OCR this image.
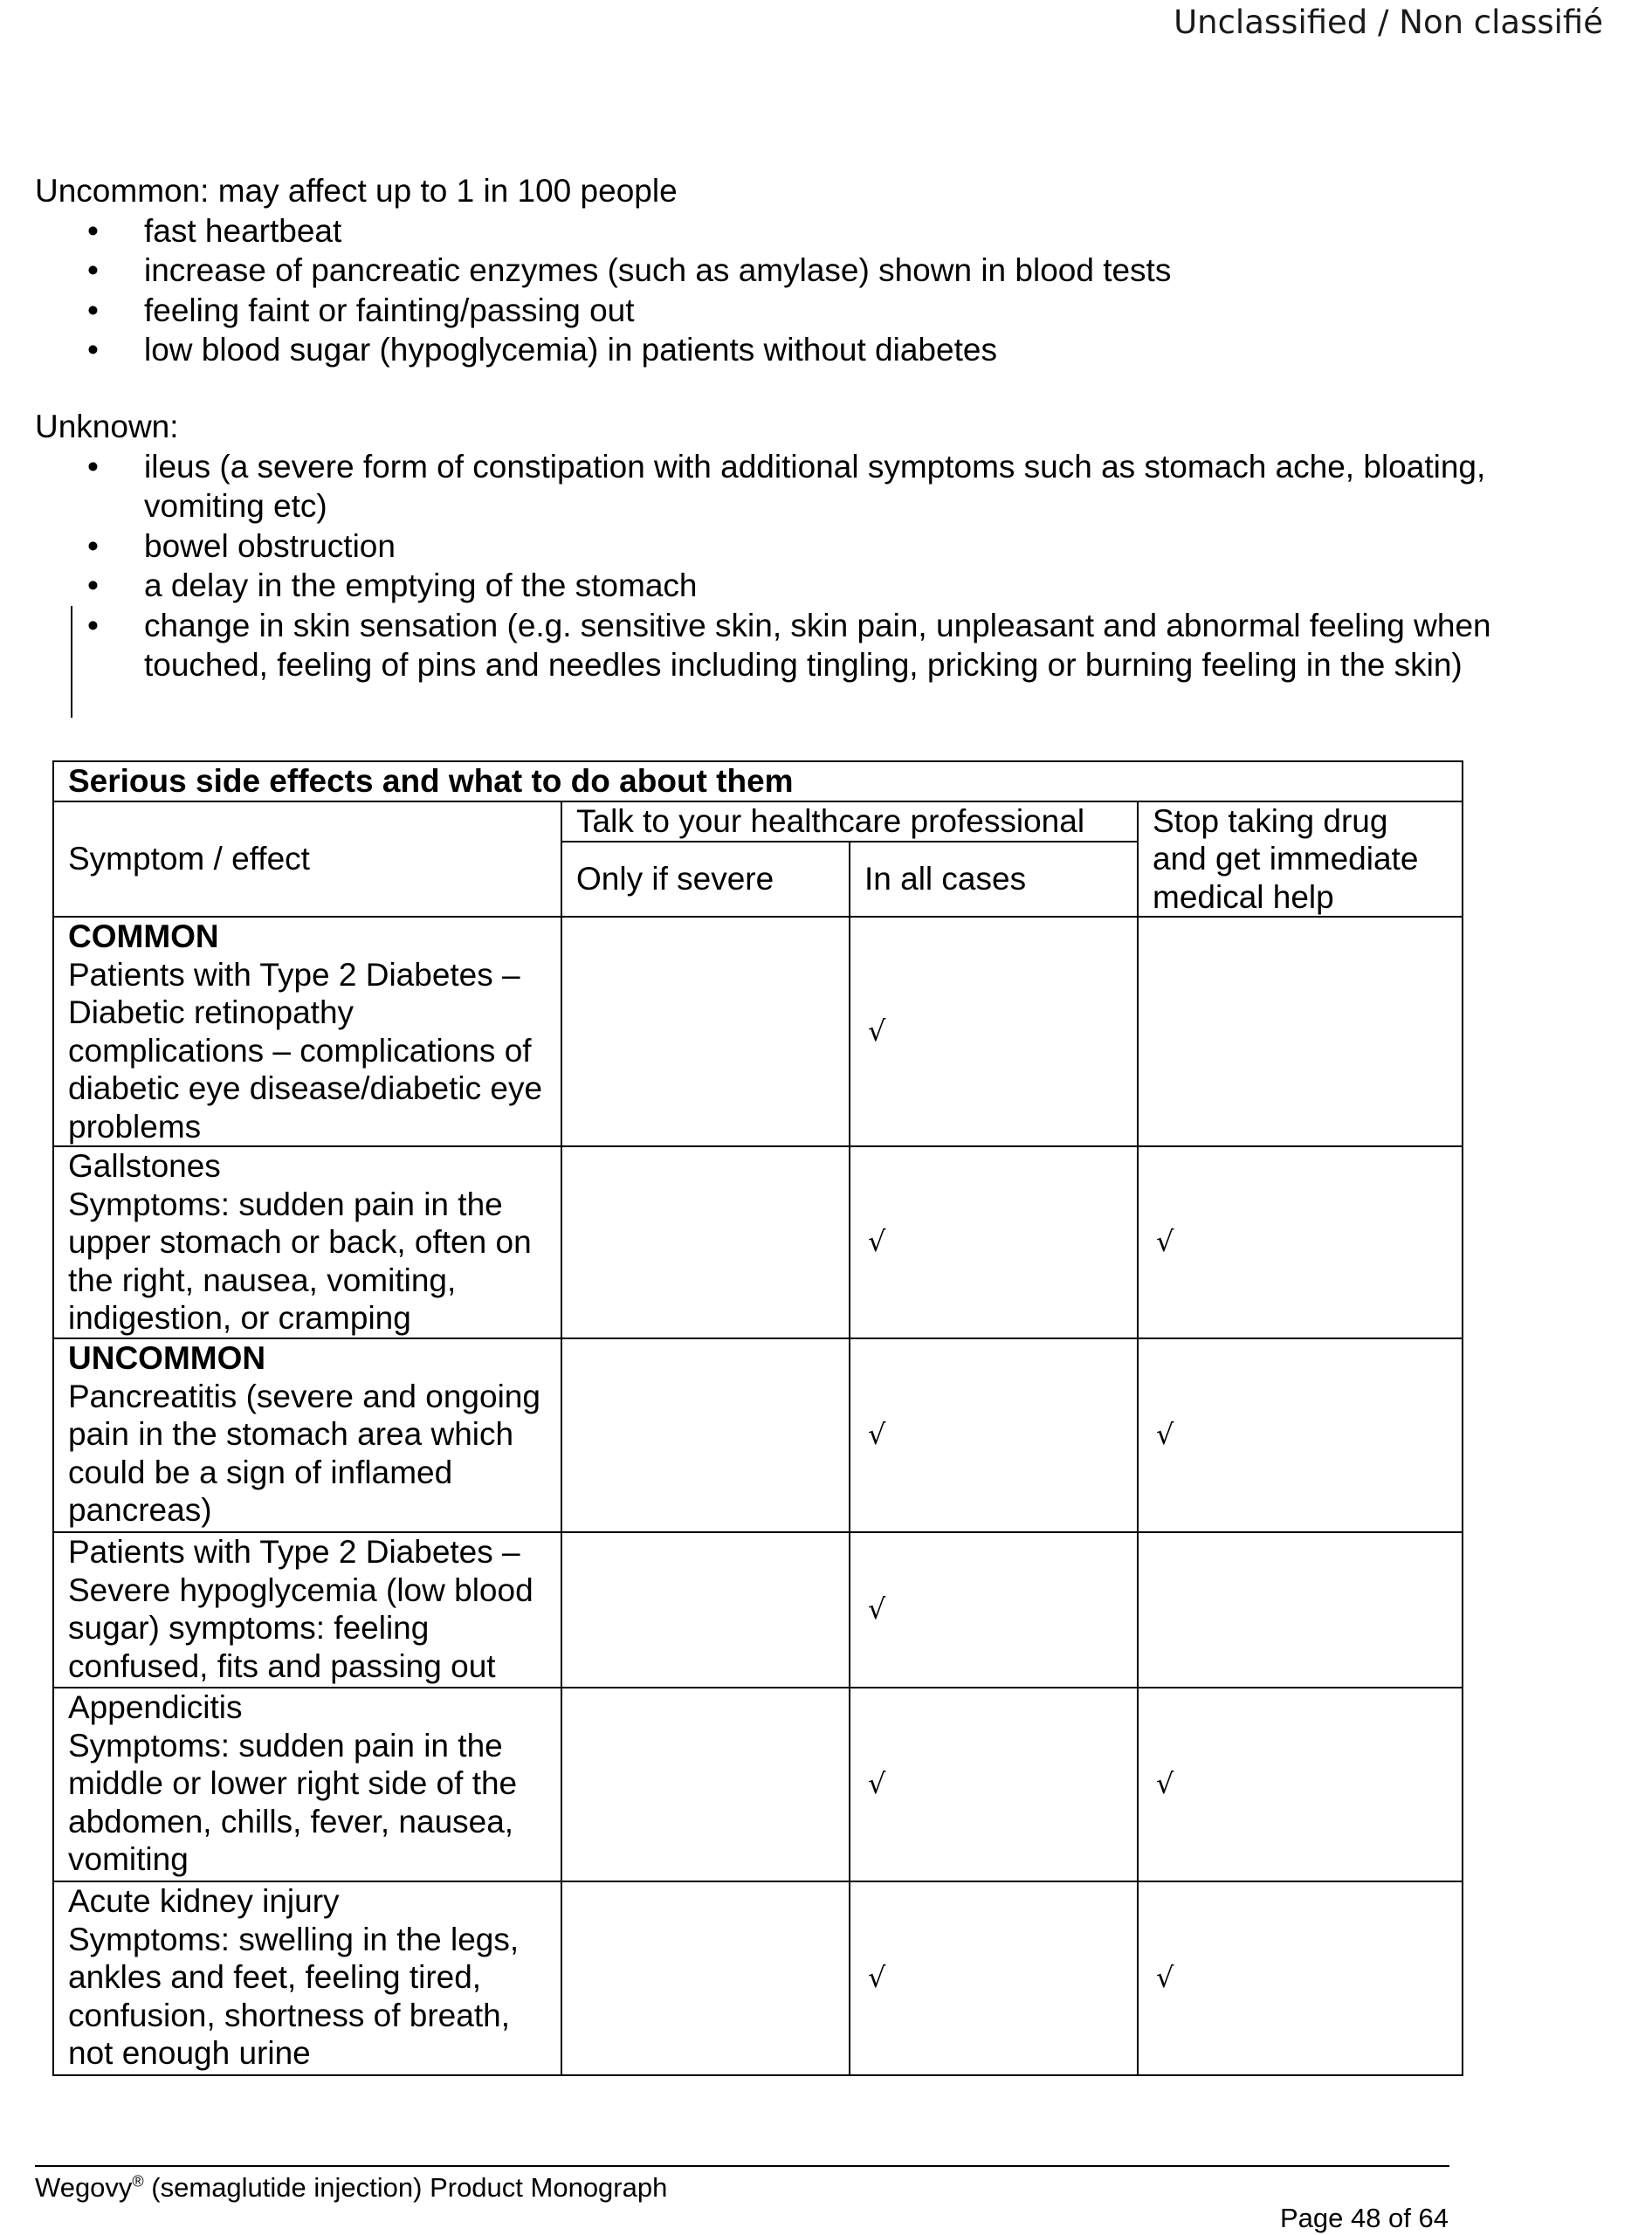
Unclassified / Non classifié

Uncommon: may affect up to 1 in 100 people

• fast heartbeat
• increase of pancreatic enzymes (such as amylase) shown in blood tests
• feeling faint or fainting/passing out
• low blood sugar (hypoglycemia) in patients without diabetes

Unknown:

• ileus (a severe form of constipation with additional symptoms such as stomach ache, bloating, vomiting etc)
• bowel obstruction
• a delay in the emptying of the stomach
• change in skin sensation (e.g. sensitive skin, skin pain, unpleasant and abnormal feeling when touched, feeling of pins and needles including tingling, pricking or burning feeling in the skin)
Serious side effects and what to do about them			
Symptom / effect	Talk to your healthcare professional		Stop taking drug and get immediate medical help
	Only if severe	In all cases	

COMMON
Patients with Type 2 Diabetes – Diabetic retinopathy complications – complications of diabetic eye disease/diabetic eye problems		√	
Gallstones
Symptoms: sudden pain in the upper stomach or back, often on the right, nausea, vomiting, indigestion, or cramping		√	√

UNCOMMON
Pancreatitis (severe and ongoing pain in the stomach area which could be a sign of inflamed pancreas)		√	√
Patients with Type 2 Diabetes – Severe hypoglycemia (low blood sugar) symptoms: feeling confused, fits and passing out		√	
Appendicitis
Symptoms: sudden pain in the middle or lower right side of the abdomen, chills, fever, nausea, vomiting		√	√
Acute kidney injury
Symptoms: swelling in the legs, ankles and feet, feeling tired, confusion, shortness of breath, not enough urine		√	√
Wegovy® (semaglutide injection) Product Monograph
Page 48 of 64
